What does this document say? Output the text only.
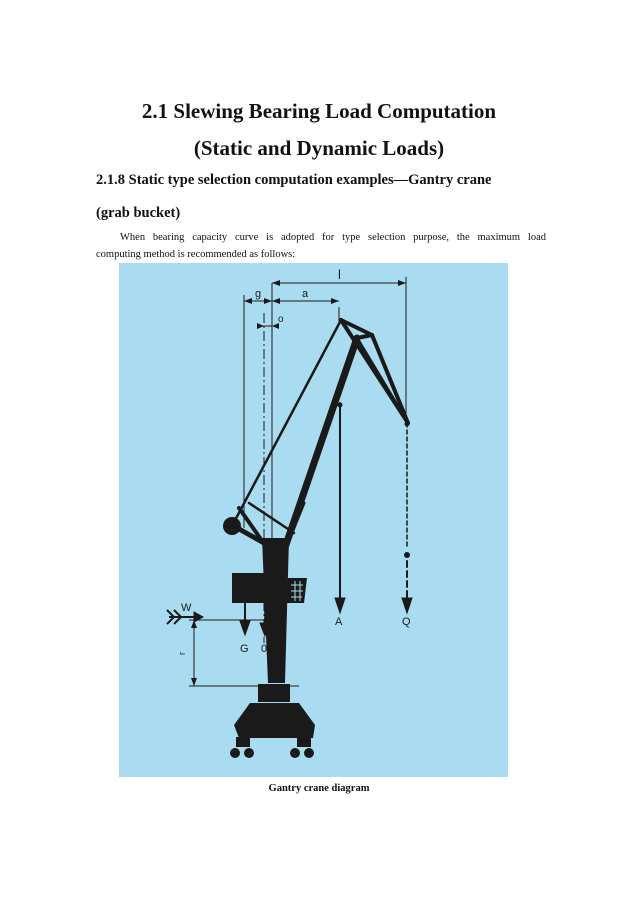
2.1 Slewing Bearing Load Computation
(Static and Dynamic Loads)
2.1.8 Static type selection computation examples—Gantry crane
(grab bucket)

When bearing capacity curve is adopted for type selection purpose, the maximum load

computing method is recommended as follows:

l
g	a
o
W
r	G 0
A	Q

Gantry crane diagram
